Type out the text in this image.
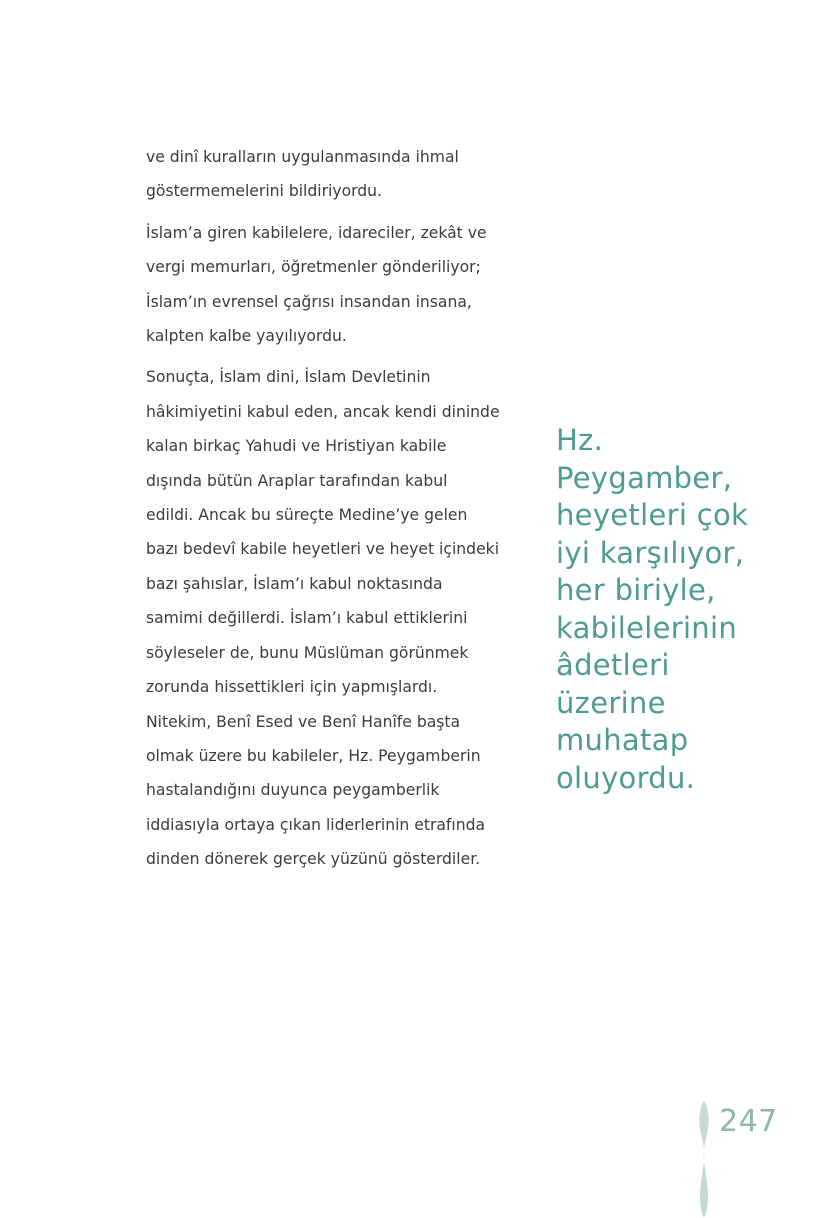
ve dinî kuralların uygulanmasında ihmal
göstermemelerini bildiriyordu.

İslam’a giren kabilelere, idareciler, zekât ve
vergi memurları, öğretmenler gönderiliyor;
İslam’ın evrensel çağrısı insandan insana,
kalpten kalbe yayılıyordu.

Sonuçta, İslam dini, İslam Devletinin
hâkimiyetini kabul eden, ancak kendi dininde
kalan birkaç Yahudi ve Hristiyan kabile
dışında bütün Araplar tarafından kabul
edildi. Ancak bu süreçte Medine’ye gelen
bazı bedevî kabile heyetleri ve heyet içindeki
bazı şahıslar, İslam’ı kabul noktasında
samimi değillerdi. İslam’ı kabul ettiklerini
söyleseler de, bunu Müslüman görünmek
zorunda hissettikleri için yapmışlardı.
Nitekim, Benî Esed ve Benî Hanîfe başta
olmak üzere bu kabileler, Hz. Peygamberin
hastalandığını duyunca peygamberlik
iddiasıyla ortaya çıkan liderlerinin etrafında
dinden dönerek gerçek yüzünü gösterdiler.

Hz.
Peygamber,
heyetleri çok
iyi karşılıyor,
her biriyle,
kabilelerinin
âdetleri
üzerine
muhatap
oluyordu.
247
